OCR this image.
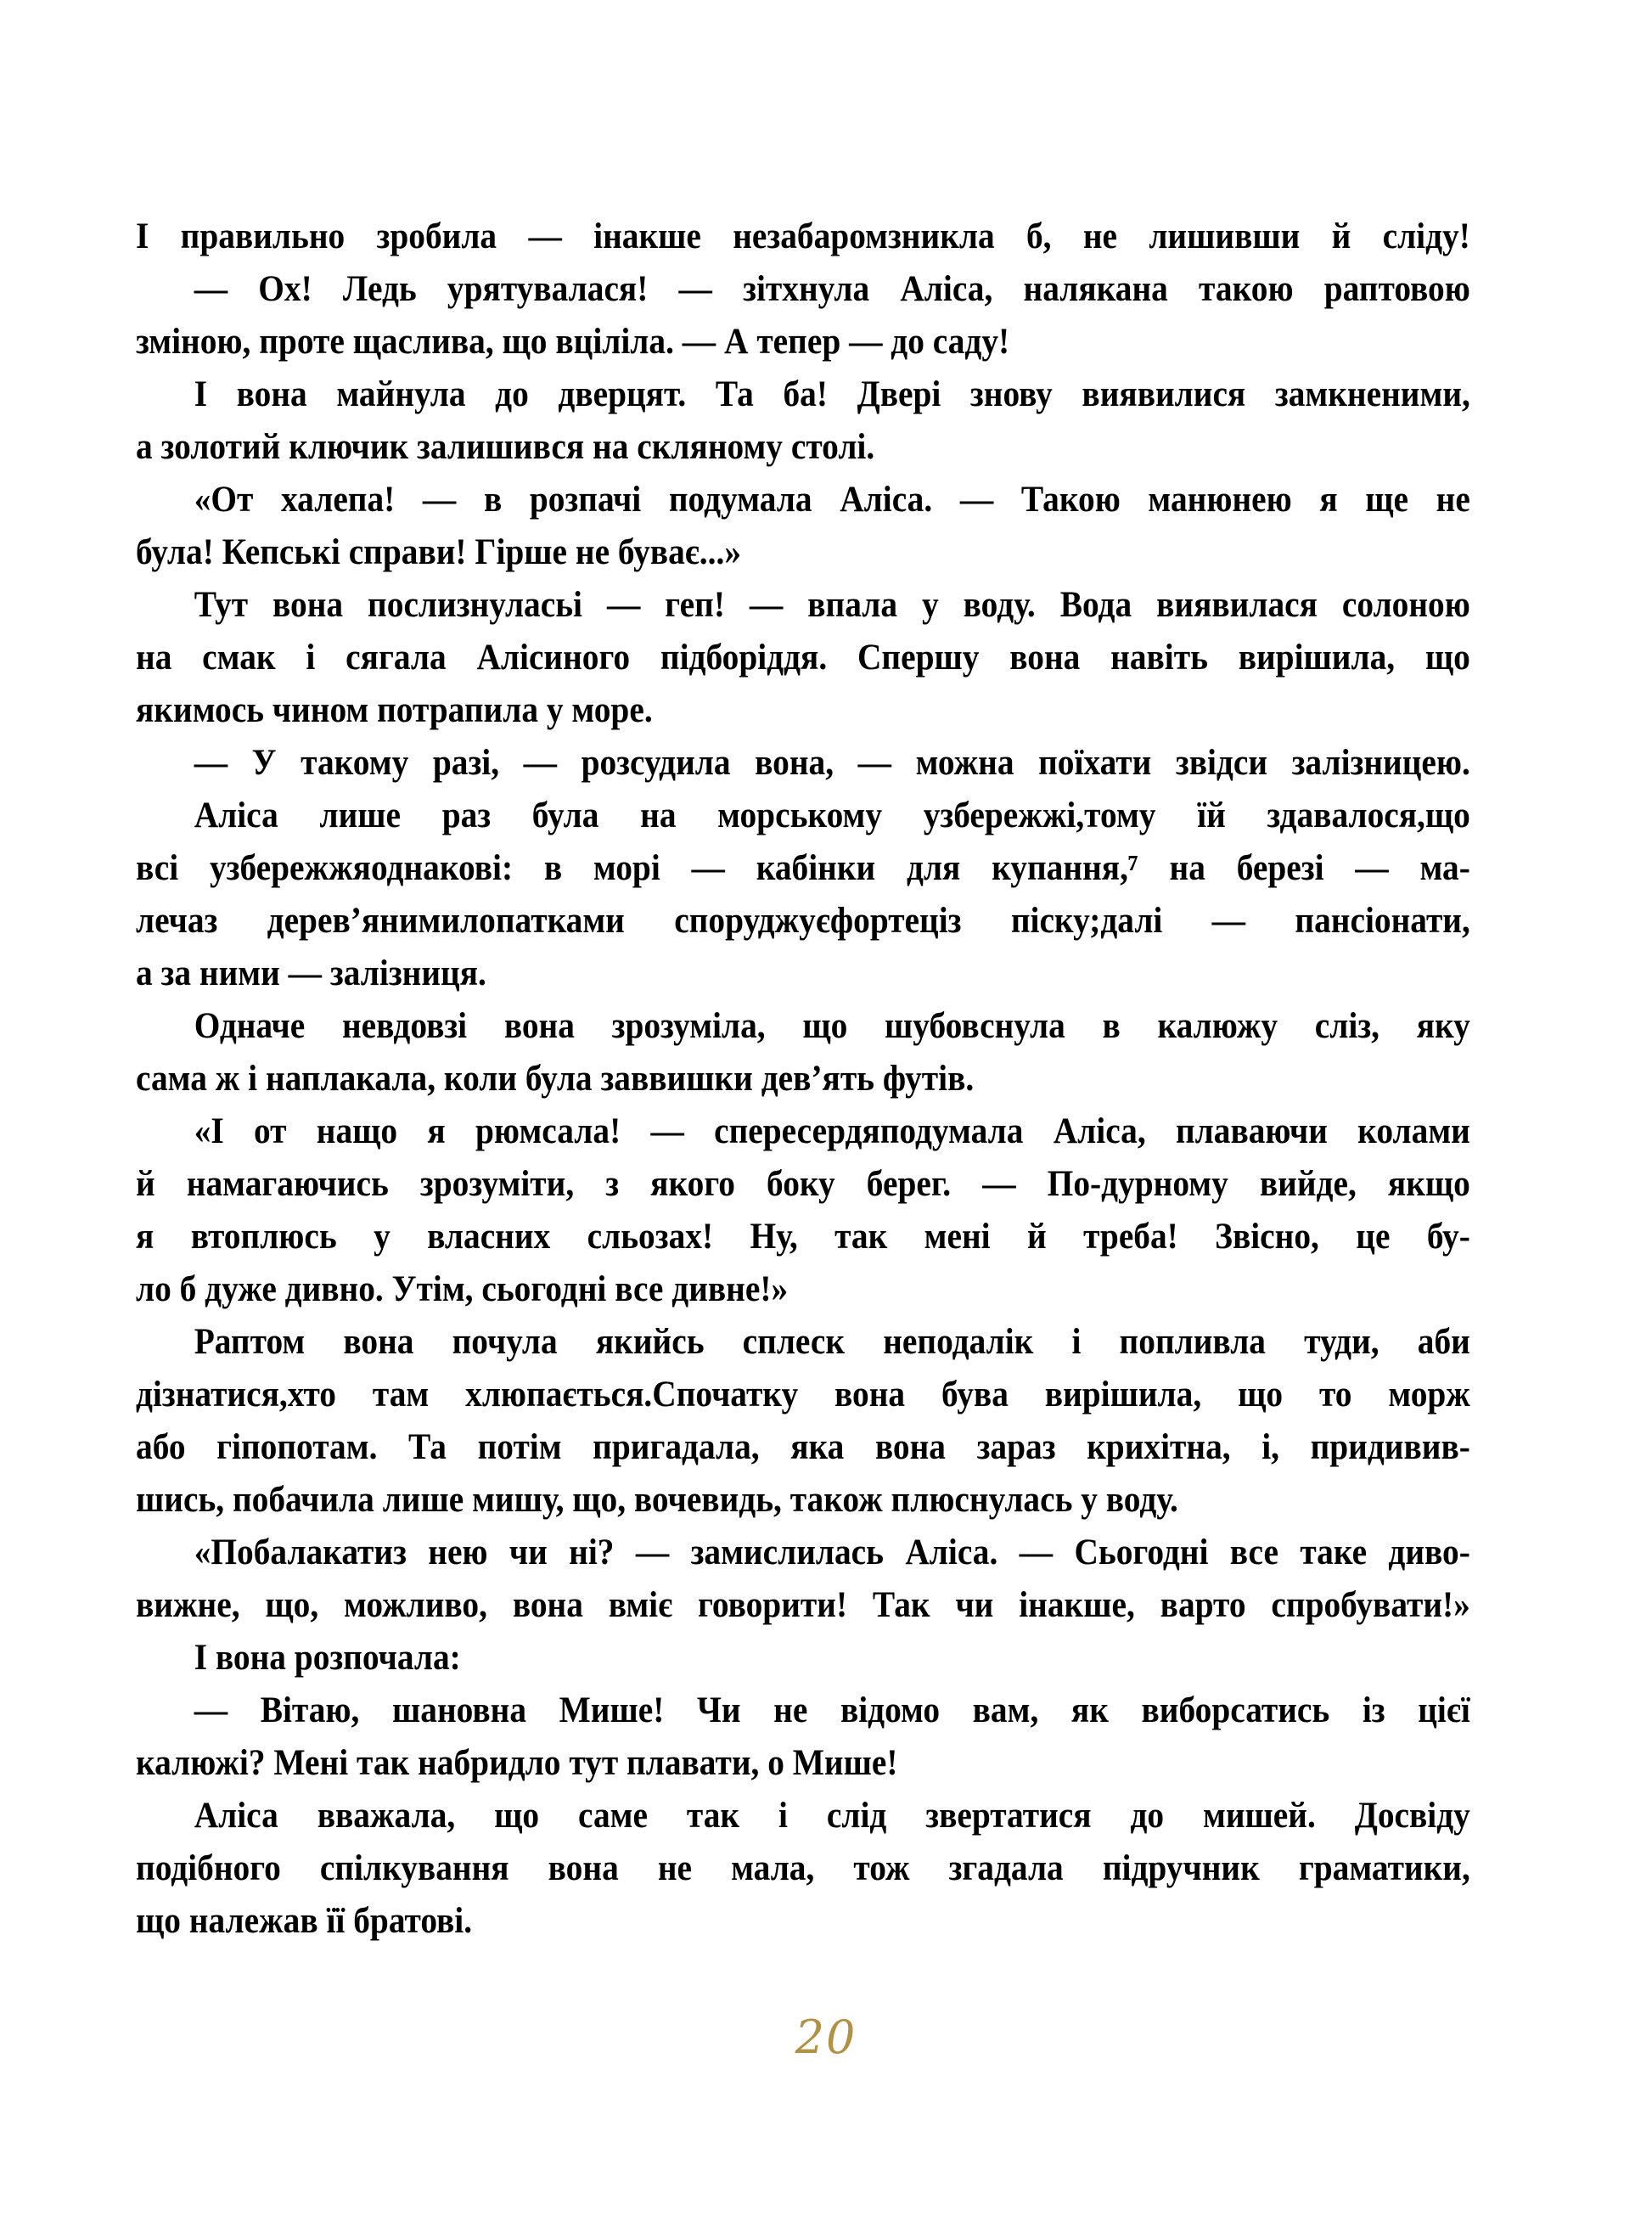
І правильно зробила — інакше незабаромзникла б, не лишивши й сліду!
— Ох! Ледь урятувалася! — зітхнула Аліса, налякана такою раптовою
зміною, проте щаслива, що вціліла. — А тепер — до саду!
І вона майнула до дверцят. Та ба! Двері знову виявилися замкненими,
а золотий ключик залишився на скляному столі.
«От халепа! — в розпачі подумала Аліса. — Такою манюнею я ще не
була! Кепські справи! Гірше не буває...»
Тут вона послизнуласьі — геп! — впала у воду. Вода виявилася солоною
на смак і сягала Алісиного підборіддя. Спершу вона навіть вирішила, що
якимось чином потрапила у море.
— У такому разі, — розсудила вона, — можна поїхати звідси залізницею.
Аліса лише раз була на морському узбережжі,тому їй здавалося,що
всі узбережжяоднакові: в морі — кабінки для купання,⁷ на березі — ма-
лечаз дерев’янимилопатками споруджуєфортеціз піску;далі — пансіонати,
а за ними — залізниця.
Одначе невдовзі вона зрозуміла, що шубовснула в калюжу сліз, яку
сама ж і наплакала, коли була заввишки дев’ять футів.
«І от нащо я рюмсала! — спересердяподумала Аліса, плаваючи колами
й намагаючись зрозуміти, з якого боку берег. — По-дурному вийде, якщо
я втоплюсь у власних сльозах! Ну, так мені й треба! Звісно, це бу-
ло б дуже дивно. Утім, сьогодні все дивне!»
Раптом вона почула якийсь сплеск неподалік і попливла туди, аби
дізнатися,хто там хлюпається.Спочатку вона бува вирішила, що то морж
або гіпопотам. Та потім пригадала, яка вона зараз крихітна, і, придивив-
шись, побачила лише мишу, що, вочевидь, також плюснулась у воду.
«Побалакатиз нею чи ні? — замислилась Аліса. — Сьогодні все таке диво-
вижне, що, можливо, вона вміє говорити! Так чи інакше, варто спробувати!»
І вона розпочала:
— Вітаю, шановна Мише! Чи не відомо вам, як виборсатись із цієї
калюжі? Мені так набридло тут плавати, о Мише!
Аліса вважала, що саме так і слід звертатися до мишей. Досвіду
подібного спілкування вона не мала, тож згадала підручник граматики,
що належав її братові.
20
